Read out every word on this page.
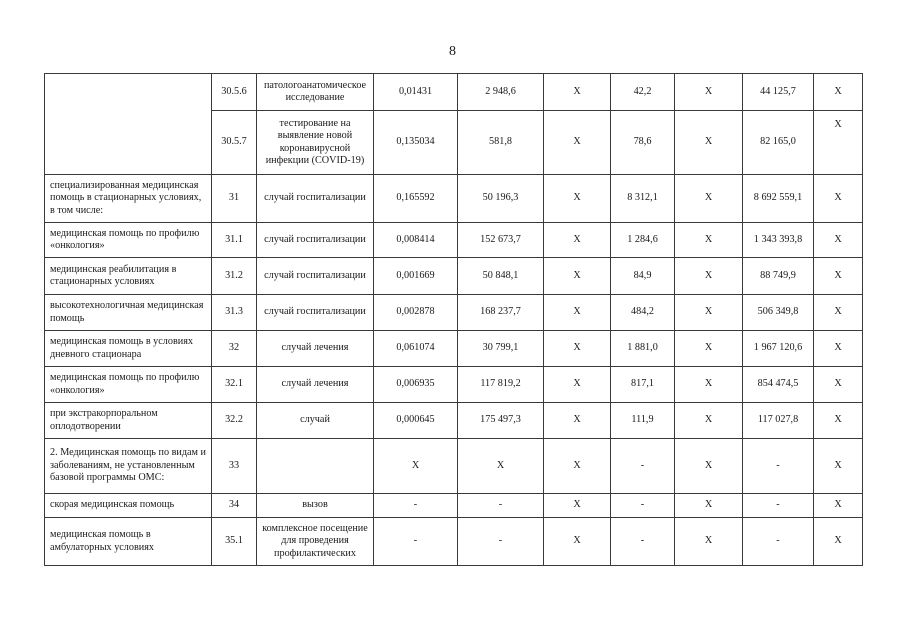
8
	30.5.6	патологоанатомическое исследование	0,01431	2 948,6	Х	42,2	Х	44 125,7	Х
	30.5.7	тестирование на выявление новой коронавирусной инфекции (COVID-19)	0,135034	581,8	Х	78,6	Х	82 165,0	Х
специализированная медицинская помощь в стационарных условиях, в том числе:	31	случай госпитализации	0,165592	50 196,3	Х	8 312,1	Х	8 692 559,1	Х
медицинская помощь по профилю «онкология»	31.1	случай госпитализации	0,008414	152 673,7	Х	1 284,6	Х	1 343 393,8	Х
медицинская реабилитация в стационарных условиях	31.2	случай госпитализации	0,001669	50 848,1	Х	84,9	Х	88 749,9	Х
высокотехнологичная медицинская помощь	31.3	случай госпитализации	0,002878	168 237,7	Х	484,2	Х	506 349,8	Х
медицинская помощь в условиях дневного стационара	32	случай лечения	0,061074	30 799,1	Х	1 881,0	Х	1 967 120,6	Х
медицинская помощь по профилю «онкология»	32.1	случай лечения	0,006935	117 819,2	Х	817,1	Х	854 474,5	Х
при экстракорпоральном оплодотворении	32.2	случай	0,000645	175 497,3	Х	111,9	Х	117 027,8	Х
2. Медицинская помощь по видам и заболеваниям, не установленным базовой программы ОМС:	33		Х	Х	Х	-	Х	-	Х
скорая медицинская помощь	34	вызов	-	-	Х	-	Х	-	Х
медицинская помощь в амбулаторных условиях	35.1	комплексное посещение для проведения профилактических	-	-	Х	-	Х	-	Х
